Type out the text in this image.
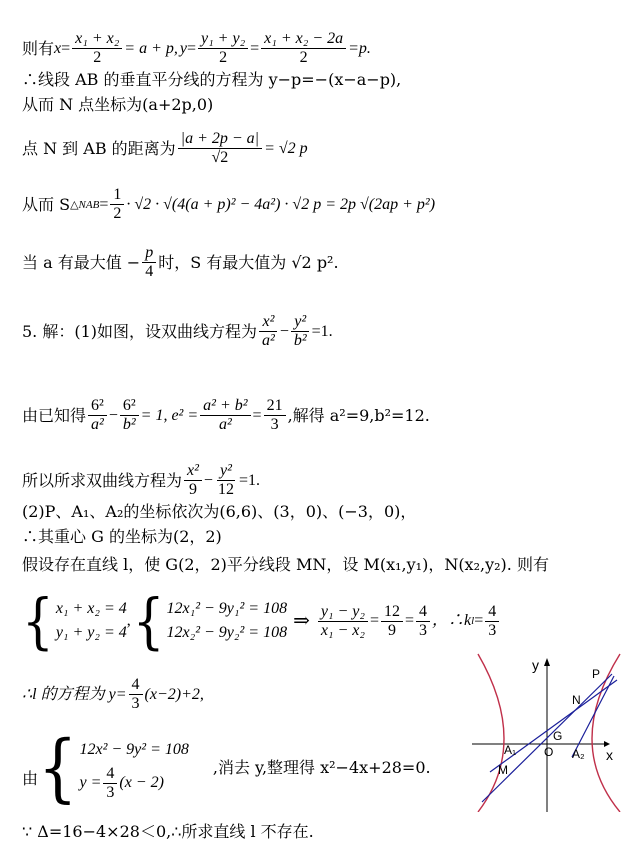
则有 $x = \frac{\text{x₁ + x₂}}{2} = a + p$, $y = \frac{\text{y₁ + y₂}}{2} = \frac{\text{x₁ + x₂ − 2a}}{2} =p$.
∴线段 AB 的垂直平分线的方程为 y−p=−(x−a−p),
从而 N 点坐标为(a+2p,0)
点 N 到 AB 的距离为 $\frac{|a + 2p - a|}{√2} = √2$ p
从而 S △NAB = $\frac{1}{2} \cdot √2 \cdot √(4(a + p)^2 - 4a^2) \cdot √2$ p = 2p √(2ap + p²)
当 a 有最大值 − $\frac{p}{4}$ 时，S 有最大值为 √2 p².
5. 解：(1)如图，设双曲线方程为 x²
a²
− $\frac{\text{y²}}{\text{b²}} =1$.
由已知得 6²
a²
− $\frac{\text{6²}}{\text{b²}} = 1$, $e^2 = \frac{\text{a² + b²}}{\text{a²}} = \frac{21}{3}$ ,解得 a²=9,b²=12.
所以所求双曲线方程为 x²
9
− $\frac{\text{y²}}{12} =1$.
(2)P、A₁、A₂的坐标依次为(6,6)、(3，0)、(−3，0)，
∴其重心 G 的坐标为(2，2)
假设存在直线 l，使 G(2，2)平分线段 MN，设 M(x₁,y₁)，N(x₂,y₂). 则有
{ x₁ + x₂ = 4
y₁ + y₂ = 4
, { 12x₁² − 9y₁² = 108
12x₂² − 9y₂² = 108
⇒ $\frac{\text{y₁ − y₂}}{\text{x₁ − x₂}} = \frac{12}{9} = \frac{4}{3}$ ，∴k $l = \frac{4}{3}$
∴l 的方程为 $y= \frac{4}{3} (x-2)+2$,
由 { 12x² − 9y² = 108
$y = \frac{4}{3} (x - 2)$
,消去 y,整理得 x²−4x+28=0.
∵ Δ=16−4×28＜0,∴所求直线 l 不存在.
y
x
O
P
N
G
A₁	A₂
M
